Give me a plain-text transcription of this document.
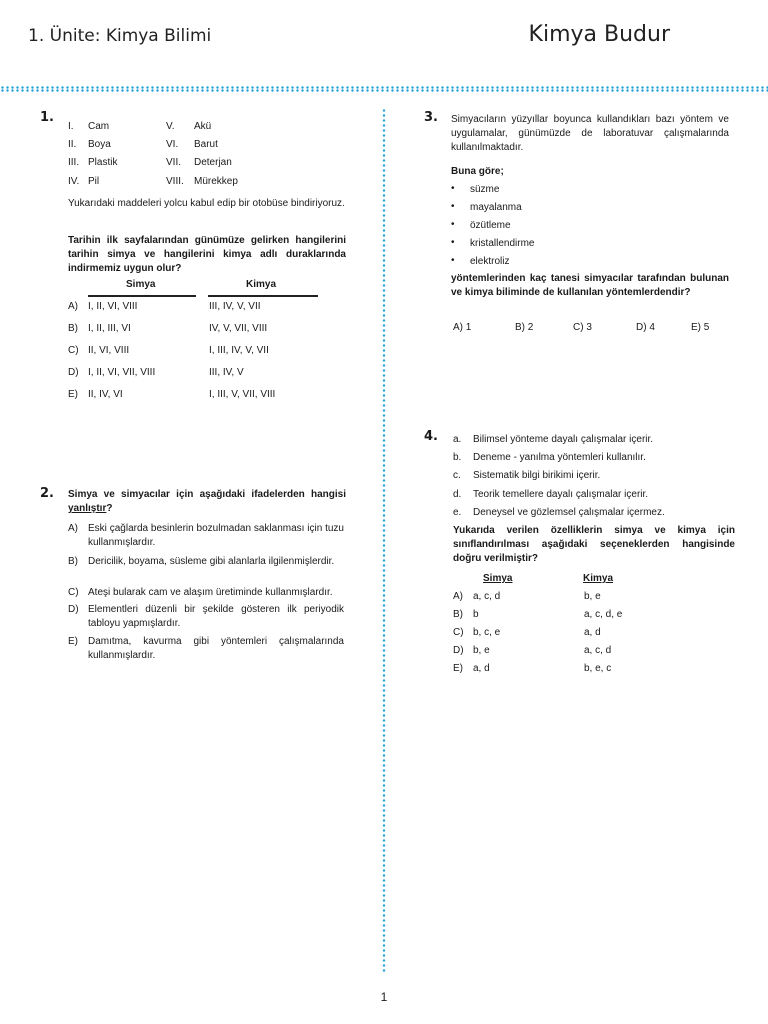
1. Ünite: Kimya Bilimi	Kimya Budur
1.
I. Cam
II. Boya
III. Plastik
IV. Pil
V. Akü
VI. Barut
VII. Deterjan
VIII. Mürekkep
Yukarıdaki maddeleri yolcu kabul edip bir otobüse bindiriyoruz.
Tarihin ilk sayfalarından günümüze gelirken hangilerini tarihin simya ve hangilerini kimya adlı duraklarında indirmemiz uygun olur?
Simya	Kimya
A) I, II, VI, VIII	III, IV, V, VII
B) I, II, III, VI	IV, V, VII, VIII
C) II, VI, VIII	I, III, IV, V, VII
D) I, II, VI, VII, VIII	III, IV, V
E) II, IV, VI	I, III, V, VII, VIII
2. Simya ve simyacılar için aşağıdaki ifadelerden hangisi yanlıştır?
A) Eski çağlarda besinlerin bozulmadan saklanması için tuzu kullanmışlardır.
B) Dericilik, boyama, süsleme gibi alanlarla ilgilenmişlerdir.
C) Ateşi bularak cam ve alaşım üretiminde kullanmışlardır.
D) Elementleri düzenli bir şekilde gösteren ilk periyodik tabloyu yapmışlardır.
E) Damıtma, kavurma gibi yöntemleri çalışmalarında kullanmışlardır.
3. Simyacıların yüzyıllar boyunca kullandıkları bazı yöntem ve uygulamalar, günümüzde de laboratuvar çalışmalarında kullanılmaktadır.
Buna göre;
• süzme
• mayalanma
• özütleme
• kristallendirme
• elektroliz
yöntemlerinden kaç tanesi simyacılar tarafından bulunan ve kimya biliminde de kullanılan yöntemlerdendir?
A) 1	B) 2	C) 3	D) 4	E) 5
4. a. Bilimsel yönteme dayalı çalışmalar içerir.
b. Deneme - yanılma yöntemleri kullanılır.
c. Sistematik bilgi birikimi içerir.
d. Teorik temellere dayalı çalışmalar içerir.
e. Deneysel ve gözlemsel çalışmalar içermez.
Yukarıda verilen özelliklerin simya ve kimya için sınıflandırılması aşağıdaki seçeneklerden hangisinde doğru verilmiştir?
Simya	Kimya
A) a, c, d	b, e
B) b	a, c, d, e
C) b, c, e	a, d
D) b, e	a, c, d
E) a, d	b, e, c
1
